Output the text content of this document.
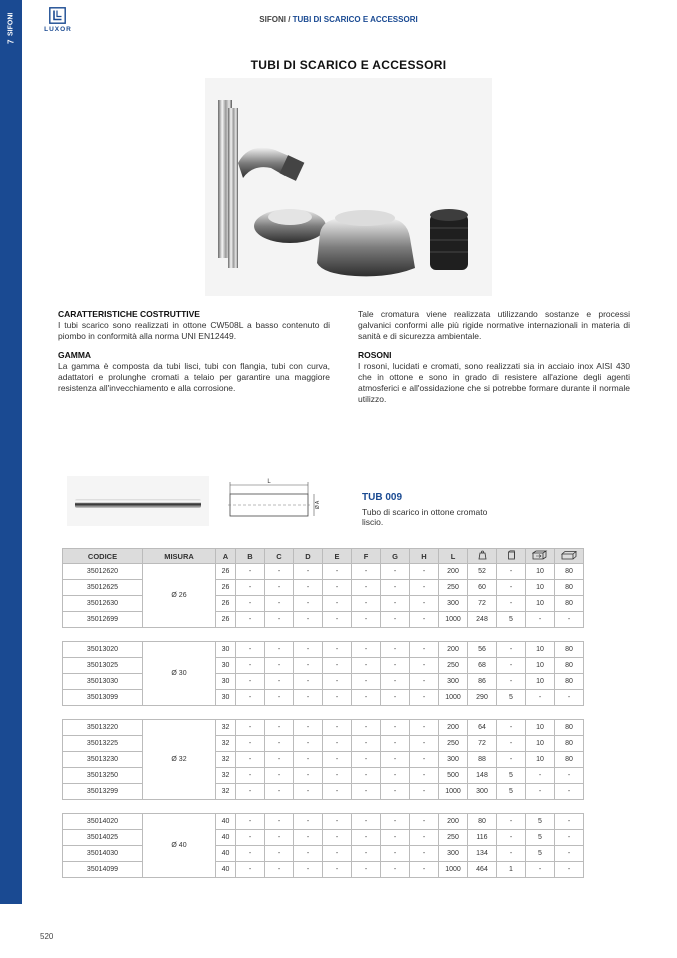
7
SIFONI	LUXOR
SIFONI / TUBI DI SCARICO E ACCESSORI
TUBI DI SCARICO E ACCESSORI
CARATTERISTICHE COSTRUTTIVE

I tubi scarico sono realizzati in ottone CW508L a basso contenuto di piombo in conformità alla norma UNI EN12449.

GAMMA

La gamma è composta da tubi lisci, tubi con flangia, tubi con curva, adattatori e prolunghe cromati a telaio per garantire una maggiore resistenza all'invecchiamento e alla corrosione.

Tale cromatura viene realizzata utilizzando sostanze e processi galvanici conformi alle più rigide normative internazionali in materia di sanità e di sicurezza ambientale.

ROSONI

I rosoni, lucidati e cromati, sono realizzati sia in acciaio inox AISI 430 che in ottone e sono in grado di resistere all'azione degli agenti atmosferici e all'ossidazione che si potrebbe formare durante il normale utilizzo.

L
Ø A
TUB 009
Tubo di scarico in ottone cromato liscio.
CODICE	MISURA	A	B	C	D	E	F	G	H	L				
35012620	Ø 26	26	-	-	-	-	-	-	-	200	52	-	10	80
35012625		26	-	-	-	-	-	-	-	250	60	-	10	80
35012630		26	-	-	-	-	-	-	-	300	72	-	10	80
35012699		26	-	-	-	-	-	-	-	1000	248	5	-	-
35013020	Ø 30	30	-	-	-	-	-	-	-	200	56	-	10	80
35013025		30	-	-	-	-	-	-	-	250	68	-	10	80
35013030		30	-	-	-	-	-	-	-	300	86	-	10	80
35013099		30	-	-	-	-	-	-	-	1000	290	5	-	-
35013220	Ø 32	32	-	-	-	-	-	-	-	200	64	-	10	80
35013225		32	-	-	-	-	-	-	-	250	72	-	10	80
35013230		32	-	-	-	-	-	-	-	300	88	-	10	80
35013250		32	-	-	-	-	-	-	-	500	148	5	-	-
35013299		32	-	-	-	-	-	-	-	1000	300	5	-	-
35014020	Ø 40	40	-	-	-	-	-	-	-	200	80	-	5	-
35014025		40	-	-	-	-	-	-	-	250	116	-	5	-
35014030		40	-	-	-	-	-	-	-	300	134	-	5	-
35014099		40	-	-	-	-	-	-	-	1000	464	1	-	-
520
